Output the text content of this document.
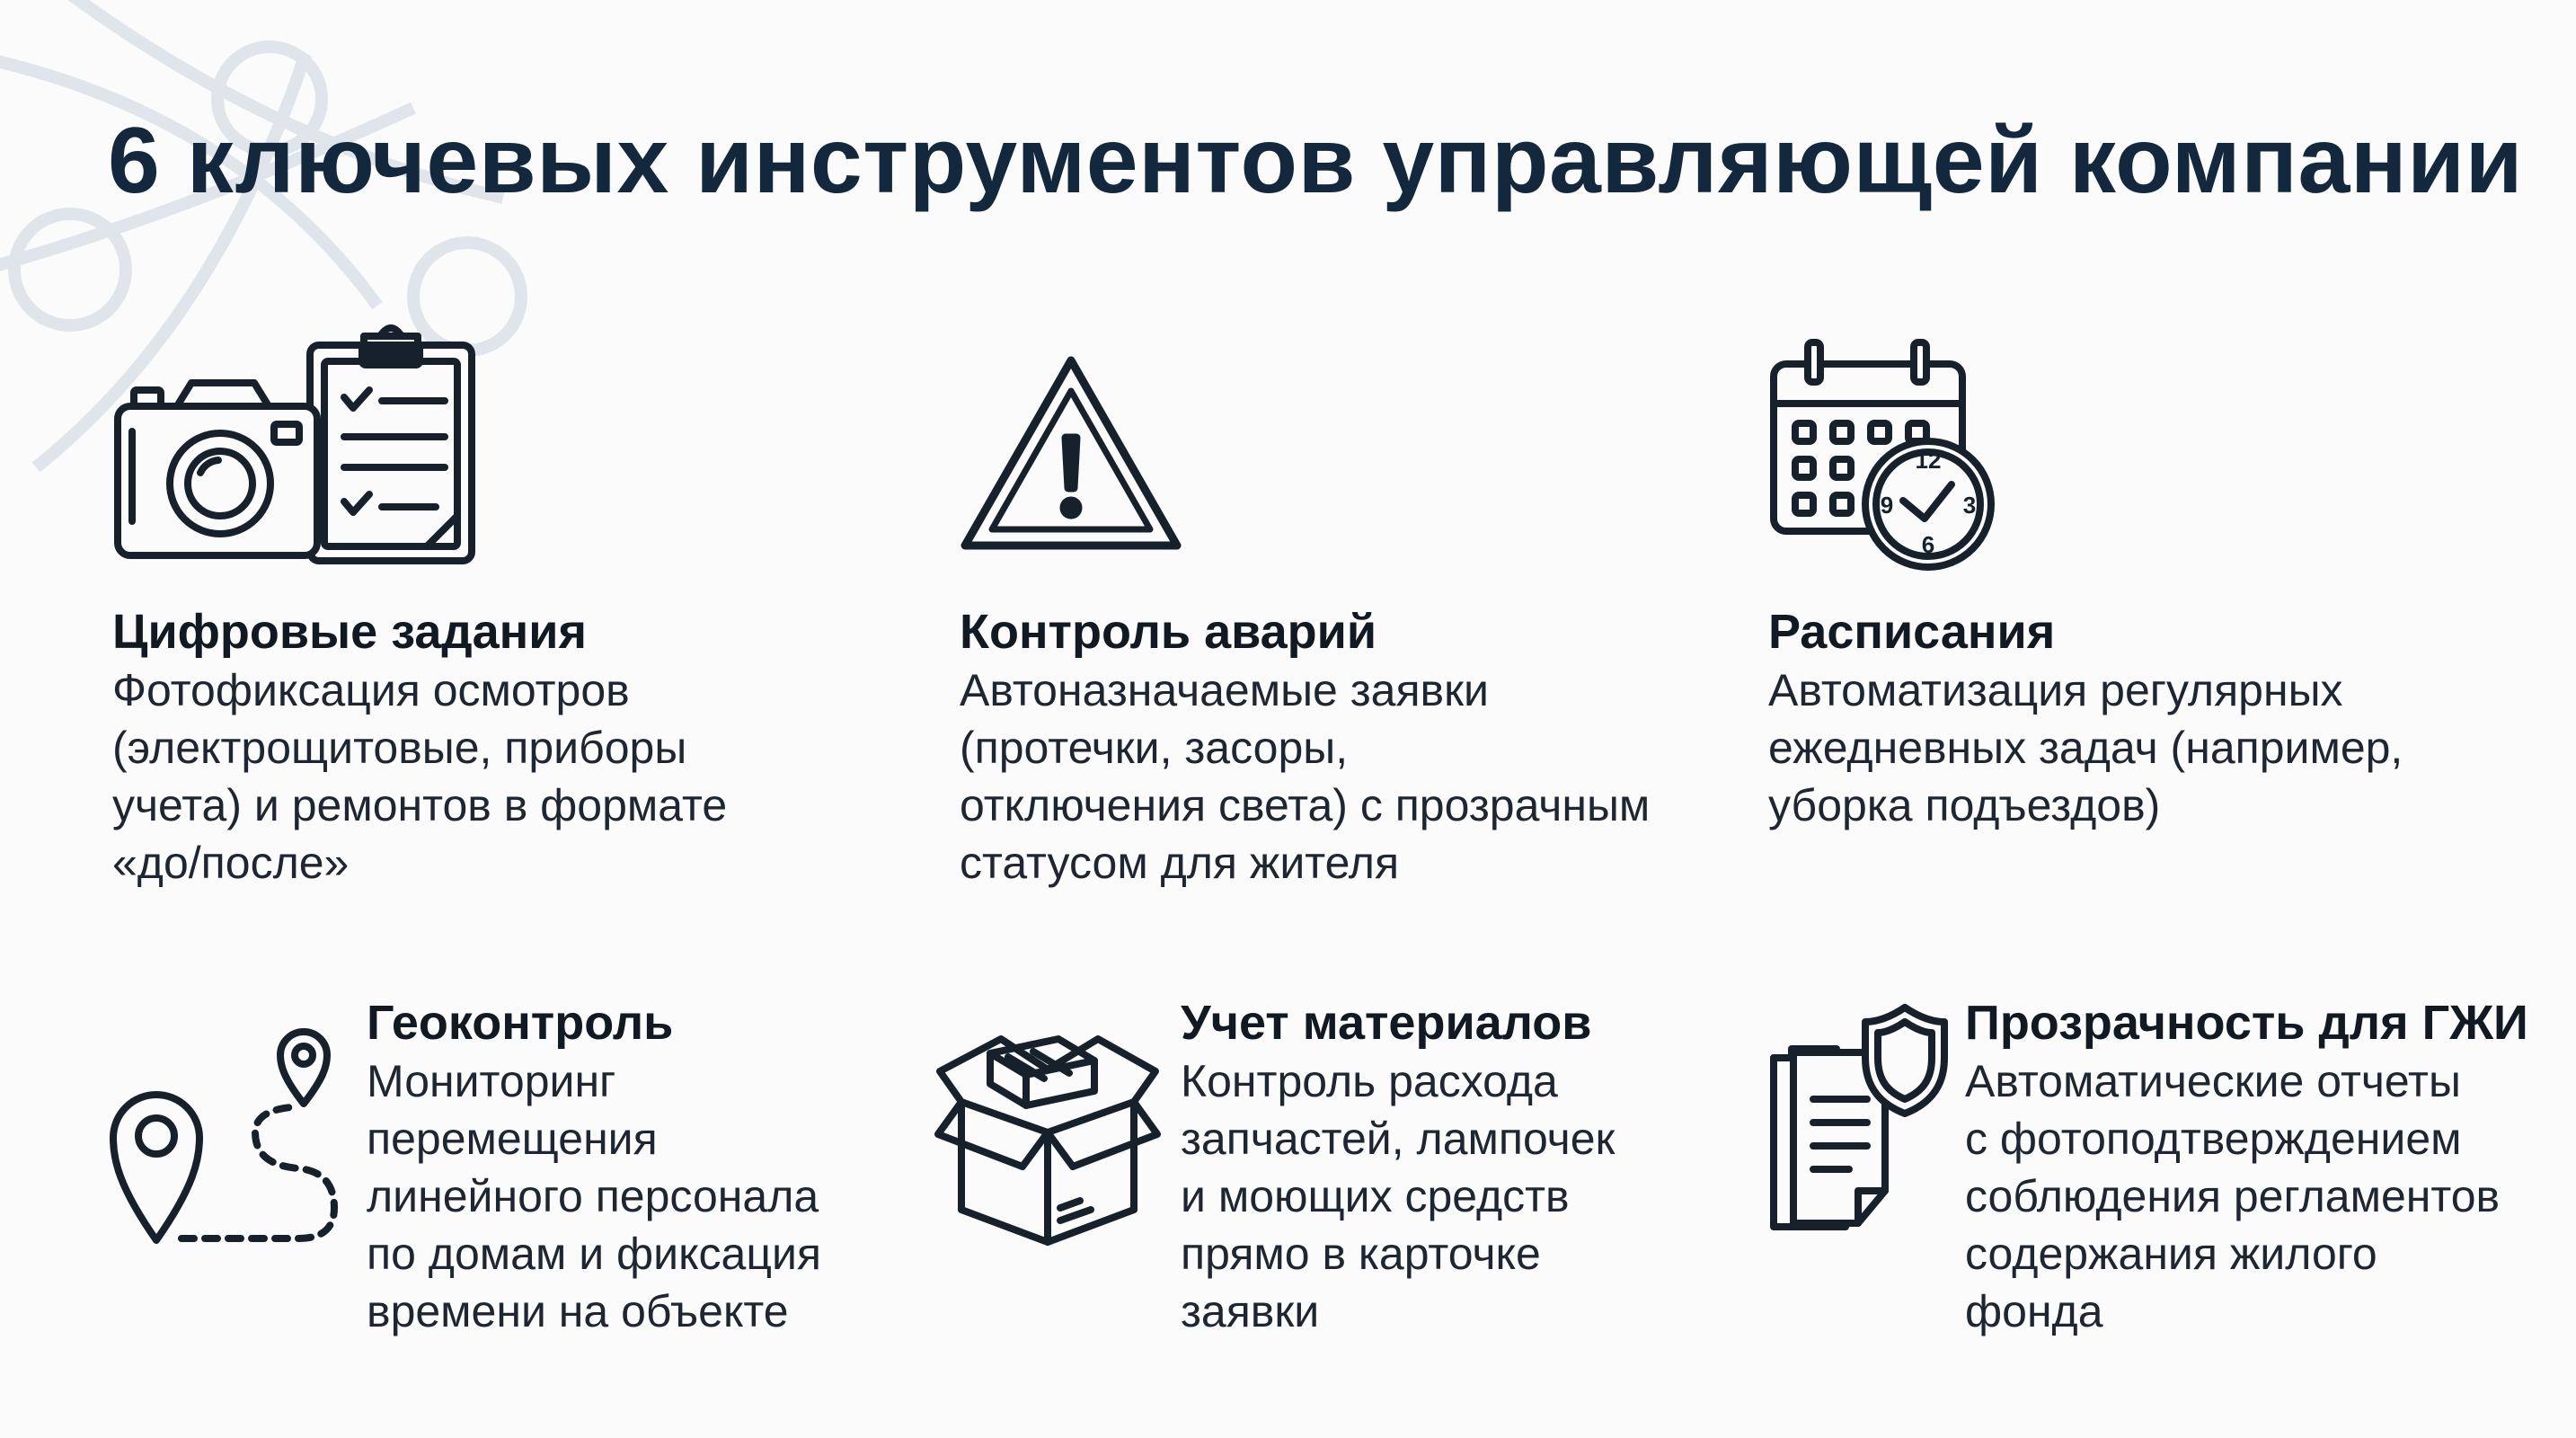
6 ключевых инструментов управляющей компании
12
3
6
9

Цифровые задания

Фотофиксация осмотров
(электрощитовые, приборы
учета) и ремонтов в формате
«до/после»

Контроль аварий

Автоназначаемые заявки
(протечки, засоры,
отключения света) с прозрачным
статусом для жителя

Расписания

Автоматизация регулярных
ежедневных задач (например,
уборка подъездов)

Геоконтроль

Мониторинг
перемещения
линейного персонала
по домам и фиксация
времени на объекте

Учет материалов

Контроль расхода
запчастей, лампочек
и моющих средств
прямо в карточке
заявки

Прозрачность для ГЖИ

Автоматические отчеты
с фотоподтверждением
соблюдения регламентов
содержания жилого
фонда
